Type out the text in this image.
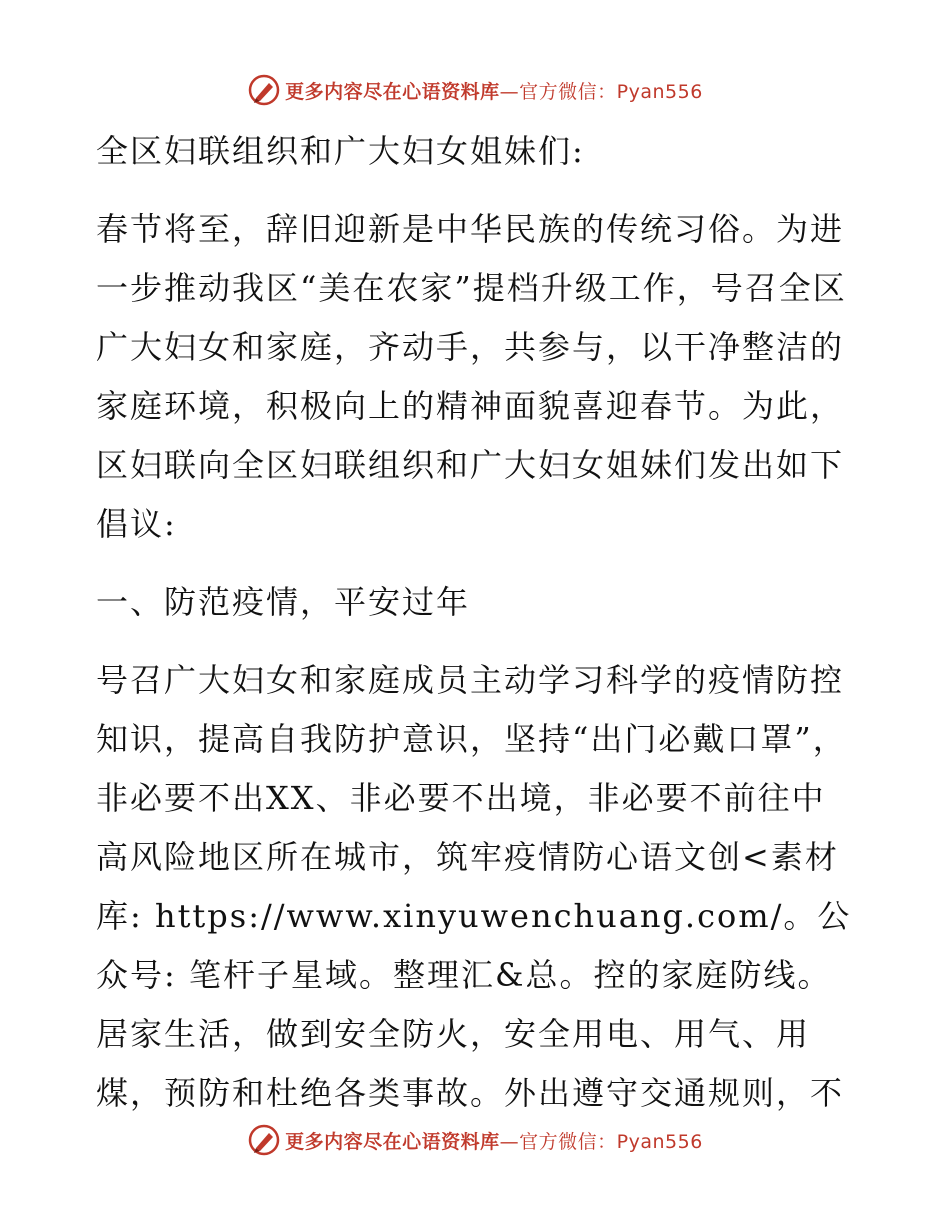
更多内容尽在心语资料库—官方微信：Pyan556

全区妇联组织和广大妇女姐妹们:

春节将至，辞旧迎新是中华民族的传统习俗。为进一步推动我区“美在农家”提档升级工作，号召全区广大妇女和家庭，齐动手，共参与，以干净整洁的家庭环境，积极向上的精神面貌喜迎春节。为此，区妇联向全区妇联组织和广大妇女姐妹们发出如下倡议:

一、防范疫情，平安过年

号召广大妇女和家庭成员主动学习科学的疫情防控知识，提高自我防护意识，坚持“出门必戴口罩”，非必要不出XX、非必要不出境，非必要不前往中高风险地区所在城市，筑牢疫情防心语文创<素材库: https://www.xinyuwenchuang.com/。公众号: 笔杆子星域。整理汇&总。控的家庭防线。居家生活，做到安全防火，安全用电、用气、用煤，预防和杜绝各类事故。外出遵守交通规则，不

更多内容尽在心语资料库—官方微信：Pyan556
